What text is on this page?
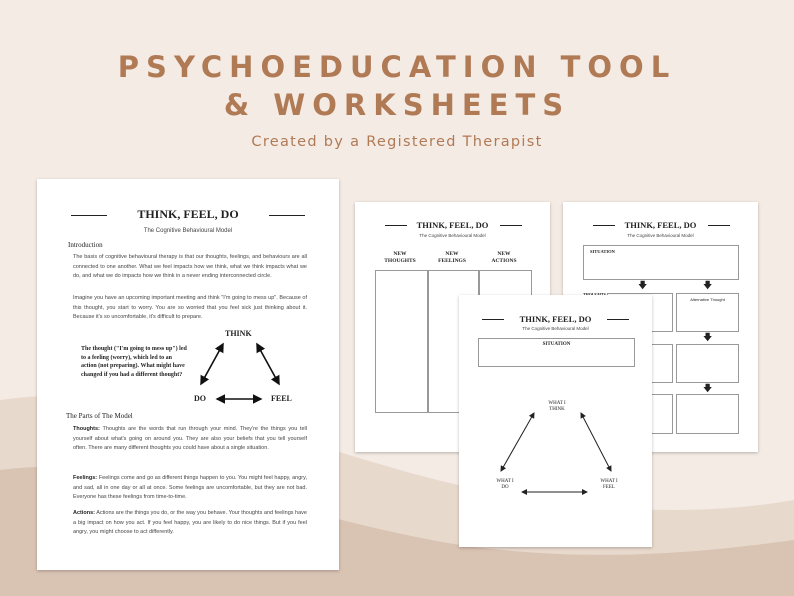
PSYCHOEDUCATION TOOL
& WORKSHEETS
Created by a Registered Therapist
THINK, FEEL, DO
The Cognitive Behavioural Model
NEW
THOUGHTS
NEW
FEELINGS
NEW
ACTIONS
THINK, FEEL, DO
The Cognitive Behavioural Model
SITUATION
🡇	🡇
Alternative Thought
🡇
🡇
THINK, FEEL, DO
The Cognitive Behavioural Model
SITUATION
WHAT I
THINK
WHAT I
DO
WHAT I
FEEL
THINK, FEEL, DO
The Cognitive Behavioural Model
Introduction
The basis of cognitive behavioural therapy is that our thoughts, feelings, and behaviours are all connected to one another. What we feel impacts how we think, what we think impacts what we do, and what we do impacts how we think in a never ending interconnected circle.
Imagine you have an upcoming important meeting and think "I'm going to mess up". Because of this thought, you start to worry. You are so worried that you feel sick just thinking about it. Because it's so uncomfortable, it's difficult to prepare.
The thought ("I'm going to mess up") led to a feeling (worry), which led to an action (not preparing). What might have changed if you had a different thought?
THINK
DO	FEEL
The Parts of The Model
Thoughts: Thoughts are the words that run through your mind. They're the things you tell yourself about what's going on around you. They are also your beliefs that you tell yourself often. There are many different thoughts you could have about a single situation.
Feelings: Feelings come and go as different things happen to you. You might feel happy, angry, and sad, all in one day or all at once. Some feelings are uncomfortable, but they are not bad. Everyone has these feelings from time-to-time.
Actions: Actions are the things you do, or the way you behave. Your thoughts and feelings have a big impact on how you act. If you feel happy, you are likely to do nice things. But if you feel angry, you might choose to act differently.
